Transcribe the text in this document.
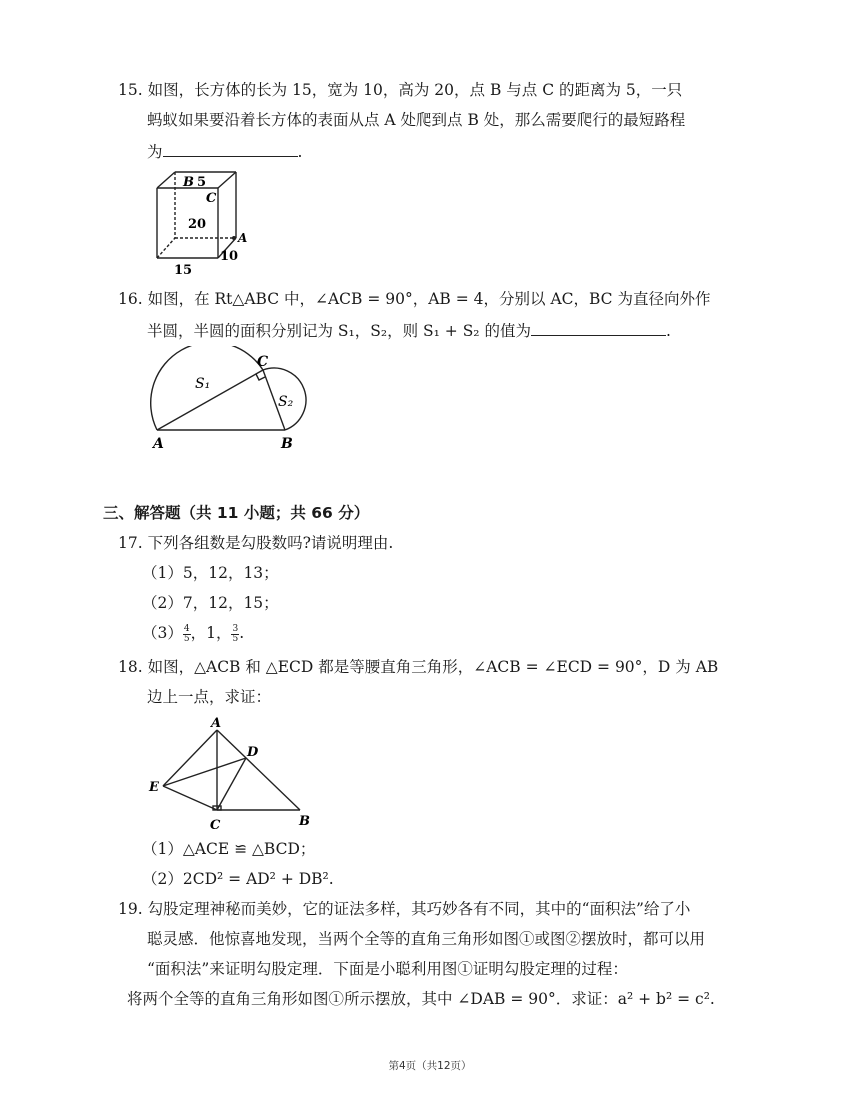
15. 如图，长方体的长为 15，宽为 10，高为 20，点 B 与点 C 的距离为 5，一只
蚂蚁如果要沿着长方体的表面从点 A 处爬到点 B 处，那么需要爬行的最短路程
为	.
B 5
C
20
A
15
10
16. 如图，在 Rt△ABC 中，∠ACB = 90°，AB = 4，分别以 AC，BC 为直径向外作
半圆，半圆的面积分别记为 S₁，S₂，则 S₁ + S₂ 的值为	.
S₁
C
S₂
A	B
三、解答题（共 11 小题；共 66 分）
17. 下列各组数是勾股数吗?请说明理由.
（1）5，12，13；
（2）7，12，15；
$(3) \frac{4}{5}$ ，1， $\frac{3}{5}$ .
18. 如图，△ACB 和 △ECD 都是等腰直角三角形，∠ACB = ∠ECD = 90°，D 为 AB
边上一点，求证：
A
D
E
C	B
（1）△ACE ≌ △BCD；
（2）2CD² = AD² + DB².
19. 勾股定理神秘而美妙，它的证法多样，其巧妙各有不同，其中的“面积法”给了小
聪灵感．他惊喜地发现，当两个全等的直角三角形如图①或图②摆放时，都可以用
“面积法”来证明勾股定理．下面是小聪利用图①证明勾股定理的过程：
将两个全等的直角三角形如图①所示摆放，其中 ∠DAB = 90°．求证：a² + b² = c².
第4页（共12页）
